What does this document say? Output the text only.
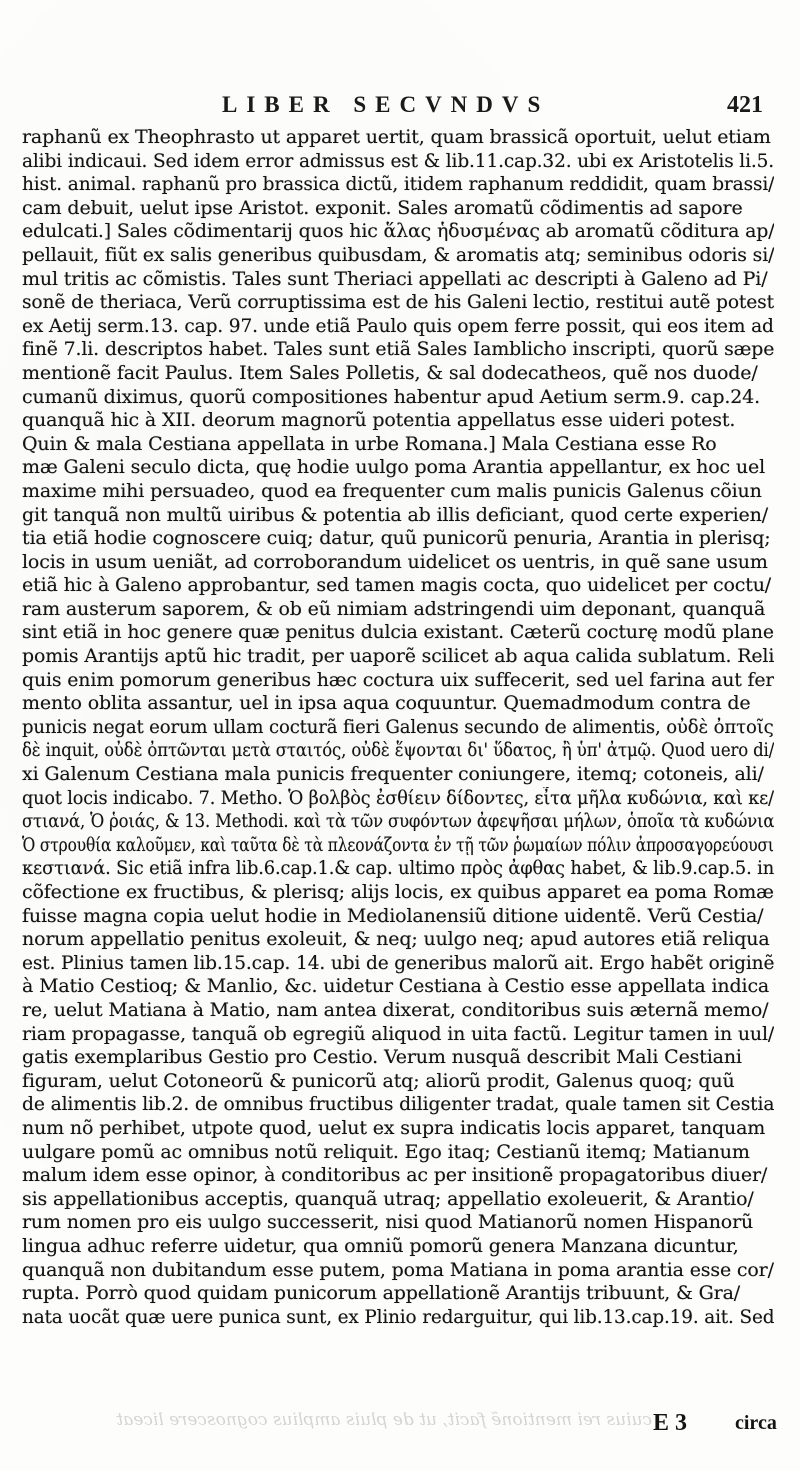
LIBER SECVNDVS	421
raphanũ ex Theophrasto ut apparet uertit, quam brassicã oportuit, uelut etiam
alibi indicaui. Sed idem error admissus est & lib.11.cap.32. ubi ex Aristotelis li.5.
hist. animal. raphanũ pro brassica dictũ, itidem raphanum reddidit, quam brassi/
cam debuit, uelut ipse Aristot. exponit. Sales aromatũ cõdimentis ad sapore
edulcati.] Sales cõdimentarij quos hic ἅλας ἡδυσμένας ab aromatũ cõditura ap/
pellauit, fiũt ex salis generibus quibusdam, & aromatis atq; seminibus odoris si/
mul tritis ac cõmistis. Tales sunt Theriaci appellati ac descripti à Galeno ad Pi/
sonẽ de theriaca, Verũ corruptissima est de his Galeni lectio, restitui autẽ potest
ex Aetij serm.13. cap. 97. unde etiã Paulo quis opem ferre possit, qui eos item ad
finẽ 7.li. descriptos habet. Tales sunt etiã Sales Iamblicho inscripti, quorũ sæpe
mentionẽ facit Paulus. Item Sales Polletis, & sal dodecatheos, quẽ nos duode/
cumanũ diximus, quorũ compositiones habentur apud Aetium serm.9. cap.24.
quanquã hic à XII. deorum magnorũ potentia appellatus esse uideri potest.
Quin & mala Cestiana appellata in urbe Romana.] Mala Cestiana esse Ro
mæ Galeni seculo dicta, quę hodie uulgo poma Arantia appellantur, ex hoc uel
maxime mihi persuadeo, quod ea frequenter cum malis punicis Galenus cõiun
git tanquã non multũ uiribus & potentia ab illis deficiant, quod certe experien/
tia etiã hodie cognoscere cuiq; datur, quũ punicorũ penuria, Arantia in plerisq;
locis in usum ueniãt, ad corroborandum uidelicet os uentris, in quẽ sane usum
etiã hic à Galeno approbantur, sed tamen magis cocta, quo uidelicet per coctu/
ram austerum saporem, & ob eũ nimiam adstringendi uim deponant, quanquã
sint etiã in hoc genere quæ penitus dulcia existant. Cæterũ cocturę modũ plane
pomis Arantijs aptũ hic tradit, per uaporẽ scilicet ab aqua calida sublatum. Reli
quis enim pomorum generibus hæc coctura uix suffecerit, sed uel farina aut fer
mento oblita assantur, uel in ipsa aqua coquuntur. Quemadmodum contra de
punicis negat eorum ullam cocturã fieri Galenus secundo de alimentis, οὐδὲ ὀπτοῖς
δὲ inquit, οὐδὲ ὀπτῶνται μετὰ σταιτός, οὐδὲ ἕψονται δι' ὕδατος, ἢ ὑπ' ἀτμῷ. Quod uero di/
xi Galenum Cestiana mala punicis frequenter coniungere, itemq; cotoneis, ali/
quot locis indicabo. 7. Metho. Ὁ βολβὸς ἐσθίειν δίδοντες, εἶτα μῆλα κυδώνια, καὶ κε/
στιανά, Ὁ ῥοιάς, & 13. Methodi. καὶ τὰ τῶν συφόντων ἀφεψῆσαι μήλων, ὁποῖα τὰ κυδώνια
Ὁ στρουθία καλοῦμεν, καὶ ταῦτα δὲ τὰ πλεονάζοντα ἐν τῇ τῶν ῥωμαίων πόλιν ἀπροσαγορεύουσι
κεστιανά. Sic etiã infra lib.6.cap.1.& cap. ultimo πρὸς ἀφθας habet, & lib.9.cap.5. in
cõfectione ex fructibus, & plerisq; alijs locis, ex quibus apparet ea poma Romæ
fuisse magna copia uelut hodie in Mediolanensiũ ditione uidentẽ. Verũ Cestia/
norum appellatio penitus exoleuit, & neq; uulgo neq; apud autores etiã reliqua
est. Plinius tamen lib.15.cap. 14. ubi de generibus malorũ ait. Ergo habẽt originẽ
à Matio Cestioq; & Manlio, &c. uidetur Cestiana à Cestio esse appellata indica
re, uelut Matiana à Matio, nam antea dixerat, conditoribus suis æternã memo/
riam propagasse, tanquã ob egregiũ aliquod in uita factũ. Legitur tamen in uul/
gatis exemplaribus Gestio pro Cestio. Verum nusquã describit Mali Cestiani
figuram, uelut Cotoneorũ & punicorũ atq; aliorũ prodit, Galenus quoq; quũ
de alimentis lib.2. de omnibus fructibus diligenter tradat, quale tamen sit Cestia
num nõ perhibet, utpote quod, uelut ex supra indicatis locis apparet, tanquam
uulgare pomũ ac omnibus notũ reliquit. Ego itaq; Cestianũ itemq; Matianum
malum idem esse opinor, à conditoribus ac per insitionẽ propagatoribus diuer/
sis appellationibus acceptis, quanquã utraq; appellatio exoleuerit, & Arantio/
rum nomen pro eis uulgo successerit, nisi quod Matianorũ nomen Hispanorũ
lingua adhuc referre uidetur, qua omniũ pomorũ genera Manzana dicuntur,
quanquã non dubitandum esse putem, poma Matiana in poma arantia esse cor/
rupta. Porrò quod quidam punicorum appellationẽ Arantijs tribuunt, & Gra/
nata uocãt quæ uere punica sunt, ex Plinio redarguitur, qui lib.13.cap.19. ait. Sed
cuius rei mentionẽ facit, ut de pluis amplius cognoscere liceat E 3 circa
